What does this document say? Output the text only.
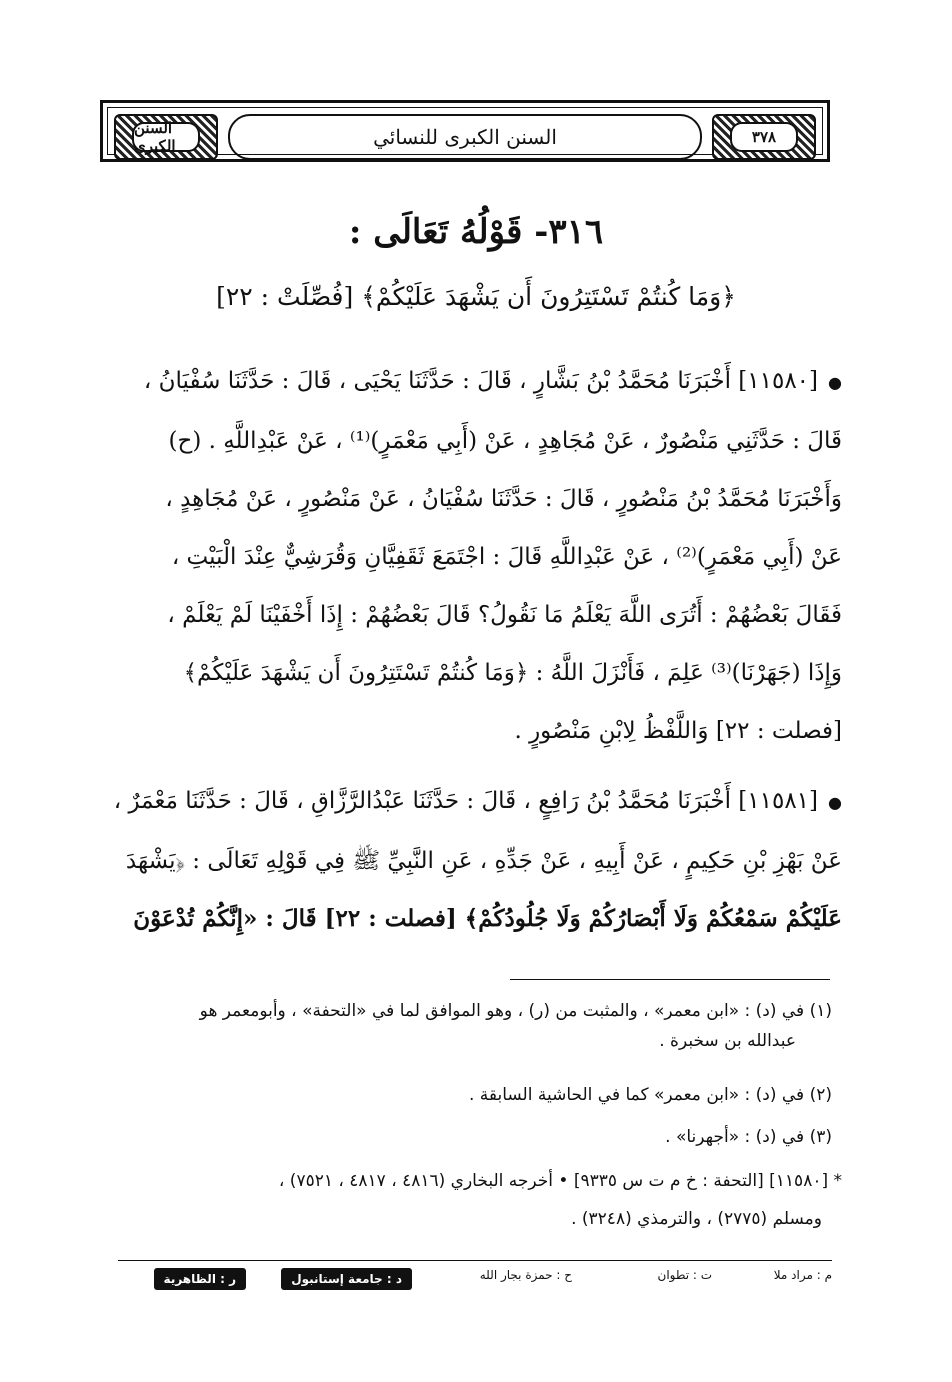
السنن الكبرى	السنن الكبرى للنسائي	٣٧٨
٣١٦- قَوْلُهُ تَعَالَى :
﴿وَمَا كُنتُمْ تَسْتَتِرُونَ أَن يَشْهَدَ عَلَيْكُمْ﴾ [فُصِّلَتْ : ٢٢]
●[١١٥٨٠] أَخْبَرَنَا مُحَمَّدُ بْنُ بَشَّارٍ ، قَالَ : حَدَّثَنَا يَحْيَى ، قَالَ : حَدَّثَنَا سُفْيَانُ ،
قَالَ : حَدَّثَنِي مَنْصُورٌ ، عَنْ مُجَاهِدٍ ، عَنْ (أَبِي مَعْمَرٍ)⁽¹⁾ ، عَنْ عَبْدِاللَّهِ . (ح)
وَأَخْبَرَنَا مُحَمَّدُ بْنُ مَنْصُورٍ ، قَالَ : حَدَّثَنَا سُفْيَانُ ، عَنْ مَنْصُورٍ ، عَنْ مُجَاهِدٍ ،
عَنْ (أَبِي مَعْمَرٍ)⁽²⁾ ، عَنْ عَبْدِاللَّهِ قَالَ : اجْتَمَعَ ثَقَفِيَّانِ وَقُرَشِيٌّ عِنْدَ الْبَيْتِ ،
فَقَالَ بَعْضُهُمْ : أَتُرَى اللَّهَ يَعْلَمُ مَا نَقُولُ؟ قَالَ بَعْضُهُمْ : إِذَا أَخْفَيْنَا لَمْ يَعْلَمْ ،
وَإِذَا (جَهَرْنَا)⁽³⁾ عَلِمَ ، فَأَنْزَلَ اللَّهُ : ﴿وَمَا كُنتُمْ تَسْتَتِرُونَ أَن يَشْهَدَ عَلَيْكُمْ﴾
[فصلت : ٢٢] وَاللَّفْظُ لِابْنِ مَنْصُورٍ .
●[١١٥٨١] أَخْبَرَنَا مُحَمَّدُ بْنُ رَافِعٍ ، قَالَ : حَدَّثَنَا عَبْدُالرَّزَّاقِ ، قَالَ : حَدَّثَنَا مَعْمَرٌ ،
عَنْ بَهْزِ بْنِ حَكِيمٍ ، عَنْ أَبِيهِ ، عَنْ جَدِّهِ ، عَنِ النَّبِيِّ ﷺ فِي قَوْلِهِ تَعَالَى : ﴿يَشْهَدَ
عَلَيْكُمْ سَمْعُكُمْ وَلَا أَبْصَارُكُمْ وَلَا جُلُودُكُمْ﴾ [فصلت : ٢٢] قَالَ : «إِنَّكُمْ تُدْعَوْنَ
(١) في (د) : «ابن معمر» ، والمثبت من (ر) ، وهو الموافق لما في «التحفة» ، وأبومعمر هو
عبدالله بن سخبرة .
(٢) في (د) : «ابن معمر» كما في الحاشية السابقة .
(٣) في (د) : «أجهرنا» .
* [١١٥٨٠] [التحفة : خ م ت س ٩٣٣٥] • أخرجه البخاري (٤٨١٦ ، ٤٨١٧ ، ٧٥٢١) ،
ومسلم (٢٧٧٥) ، والترمذي (٣٢٤٨) .
م : مراد ملا
ت : تطوان
ح : حمزة بجار الله
د : جامعة إستانبول
ر : الظاهرية
